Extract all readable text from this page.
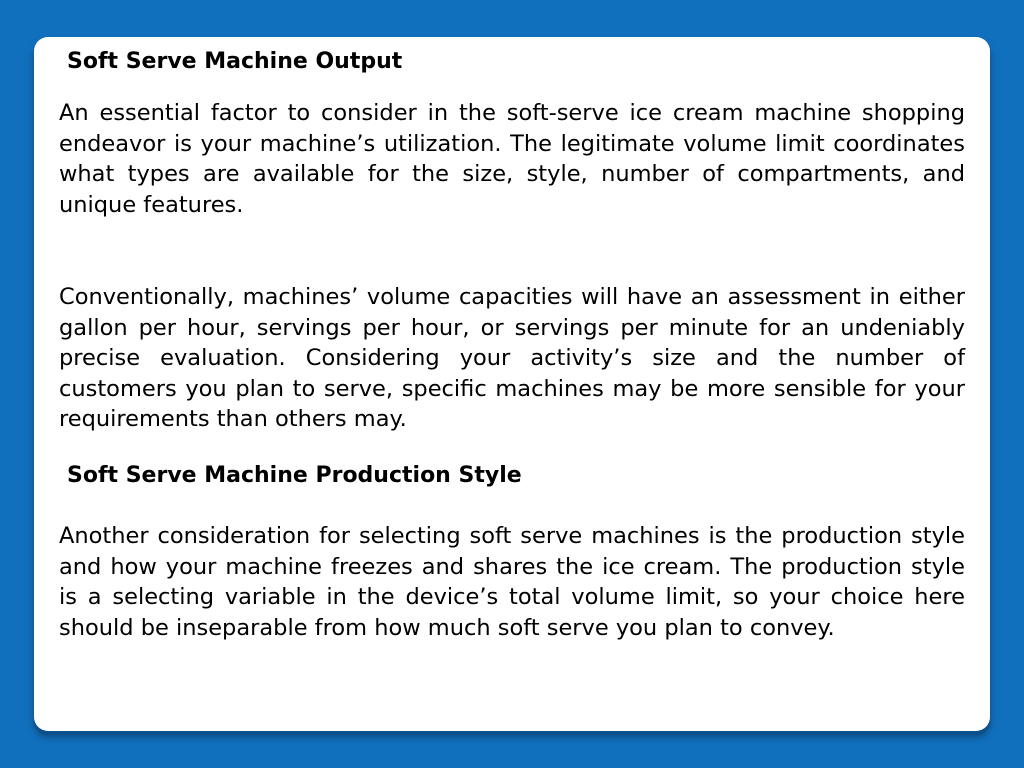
Soft Serve Machine Output

An essential factor to consider in the soft-serve ice cream machine shopping endeavor is your machine’s utilization. The legitimate volume limit coordinates what types are available for the size, style, number of compartments, and unique features.

Conventionally, machines’ volume capacities will have an assessment in either gallon per hour, servings per hour, or servings per minute for an undeniably precise evaluation. Considering your activity’s size and the number of customers you plan to serve, specific machines may be more sensible for your requirements than others may.

Soft Serve Machine Production Style

Another consideration for selecting soft serve machines is the production style and how your machine freezes and shares the ice cream. The production style is a selecting variable in the device’s total volume limit, so your choice here should be inseparable from how much soft serve you plan to convey.
